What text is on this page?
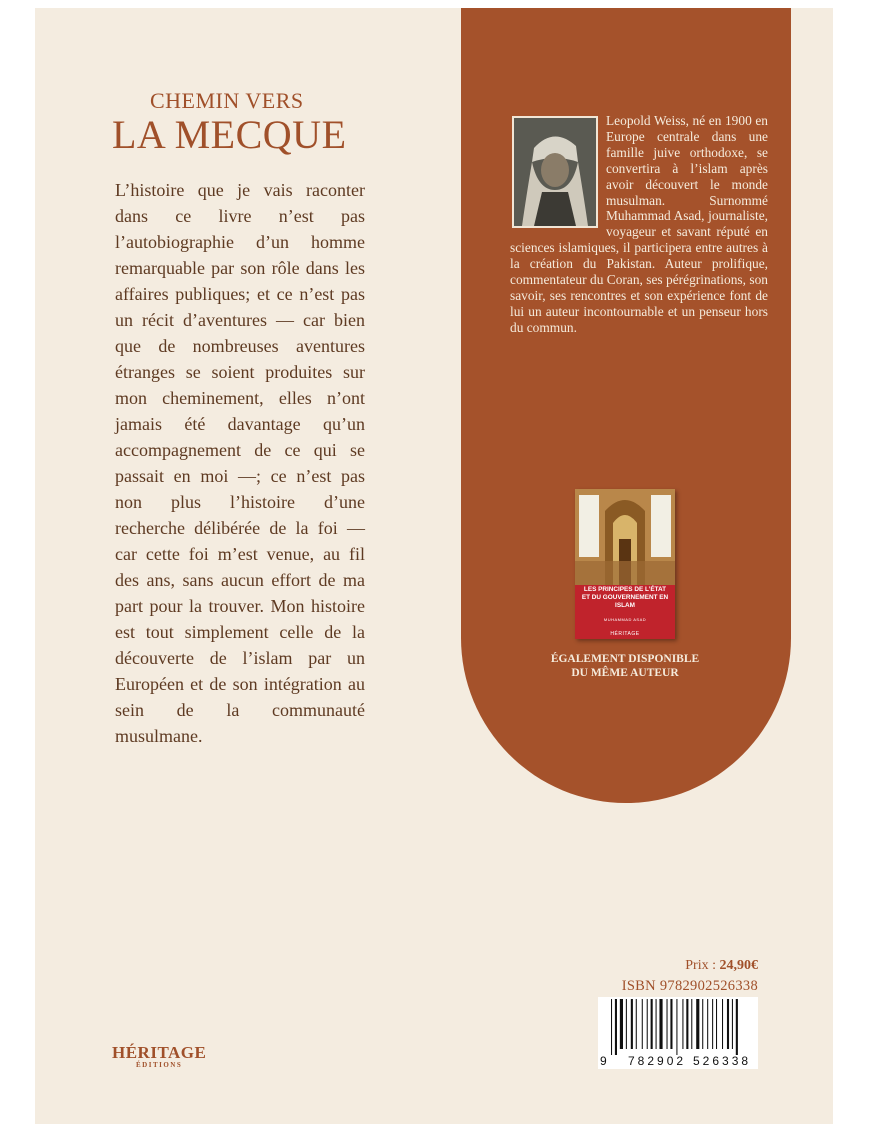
CHEMIN VERS
LA MECQUE

L’histoire que je vais raconter dans ce livre n’est pas l’autobiographie d’un homme remarquable par son rôle dans les affaires publiques; et ce n’est pas un récit d’aventures — car bien que de nombreuses aventures étranges se soient produites sur mon cheminement, elles n’ont jamais été davantage qu’un accompagnement de ce qui se passait en moi —; ce n’est pas non plus l’histoire d’une recherche délibérée de la foi — car cette foi m’est venue, au fil des ans, sans aucun effort de ma part pour la trouver. Mon histoire est tout simplement celle de la découverte de l’islam par un Européen et de son intégration au sein de la communauté musulmane.

Leopold Weiss, né en 1900 en Europe centrale dans une famille juive orthodoxe, se convertira à l’islam après avoir découvert le monde musulman. Surnommé Muhammad Asad, journaliste, voyageur et savant réputé en sciences islamiques, il participera entre autres à la création du Pakistan. Auteur prolifique, commentateur du Coran, ses pérégrinations, son savoir, ses rencontres et son expérience font de lui un auteur incontournable et un penseur hors du commun.

LES PRINCIPES DE L’ÉTAT
ET DU GOUVERNEMENT EN ISLAM
MUHAMMAD ASAD
HÉRITAGE
ÉGALEMENT DISPONIBLE
DU MÊME AUTEUR
Prix : 24,90€
ISBN 9782902526338
9 782902 526338
HÉRITAGE
ÉDITIONS
